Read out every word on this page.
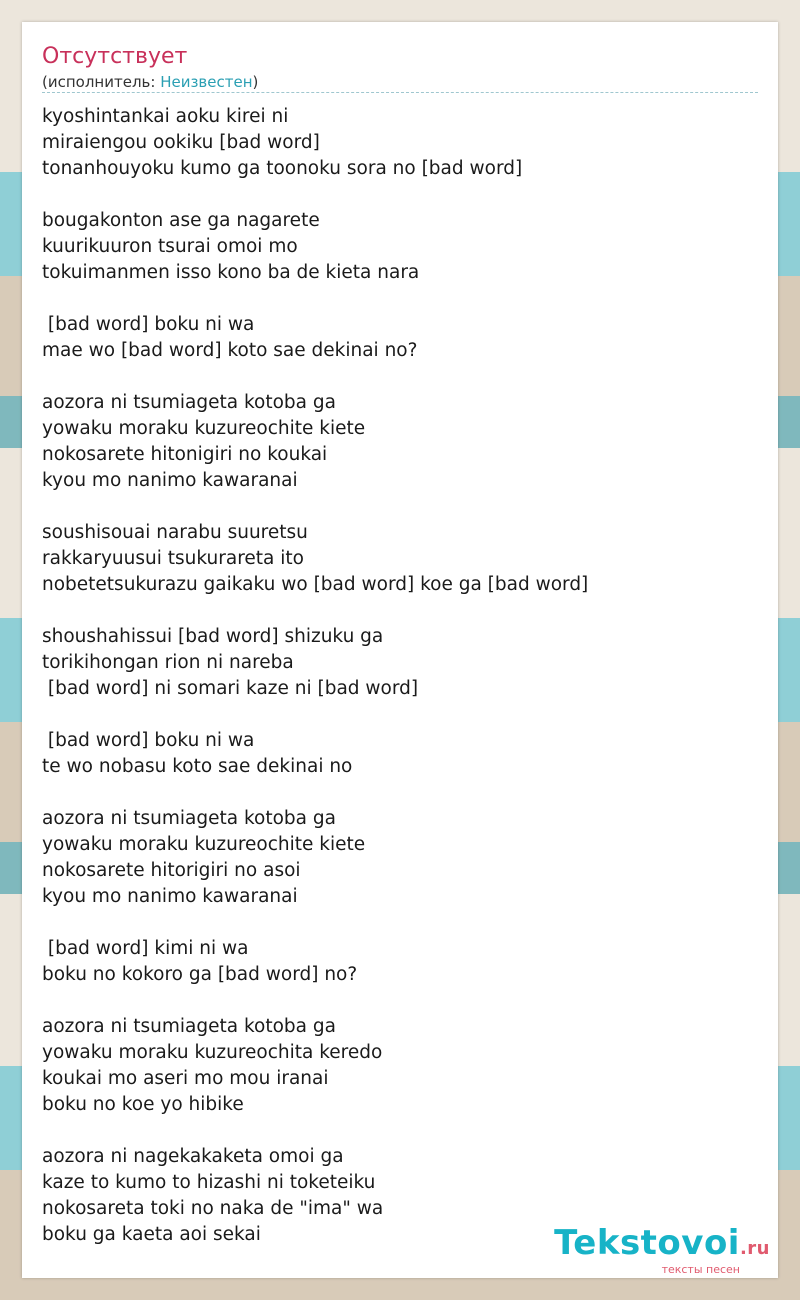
Отсутствует
(исполнитель: Неизвестен)
kyoshintankai aoku kirei ni
miraiengou ookiku [bad word]
tonanhouyoku kumo ga toonoku sora no [bad word]
bougakonton ase ga nagarete
kuurikuuron tsurai omoi mo
tokuimanmen isso kono ba de kieta nara
[bad word] boku ni wa
mae wo [bad word] koto sae dekinai no?
aozora ni tsumiageta kotoba ga
yowaku moraku kuzureochite kiete
nokosarete hitonigiri no koukai
kyou mo nanimo kawaranai
soushisouai narabu suuretsu
rakkaryuusui tsukurareta ito
nobetetsukurazu gaikaku wo [bad word] koe ga [bad word]
shoushahissui [bad word] shizuku ga
torikihongan rion ni nareba
[bad word] ni somari kaze ni [bad word]
[bad word] boku ni wa
te wo nobasu koto sae dekinai no
aozora ni tsumiageta kotoba ga
yowaku moraku kuzureochite kiete
nokosarete hitorigiri no asoi
kyou mo nanimo kawaranai
[bad word] kimi ni wa
boku no kokoro ga [bad word] no?
aozora ni tsumiageta kotoba ga
yowaku moraku kuzureochita keredo
koukai mo aseri mo mou iranai
boku no koe yo hibike
aozora ni nagekakaketa omoi ga
kaze to kumo to hizashi ni toketeiku
nokosareta toki no naka de "ima" wa
boku ga kaeta aoi sekai	Tekstovoi.ru
тексты песен
